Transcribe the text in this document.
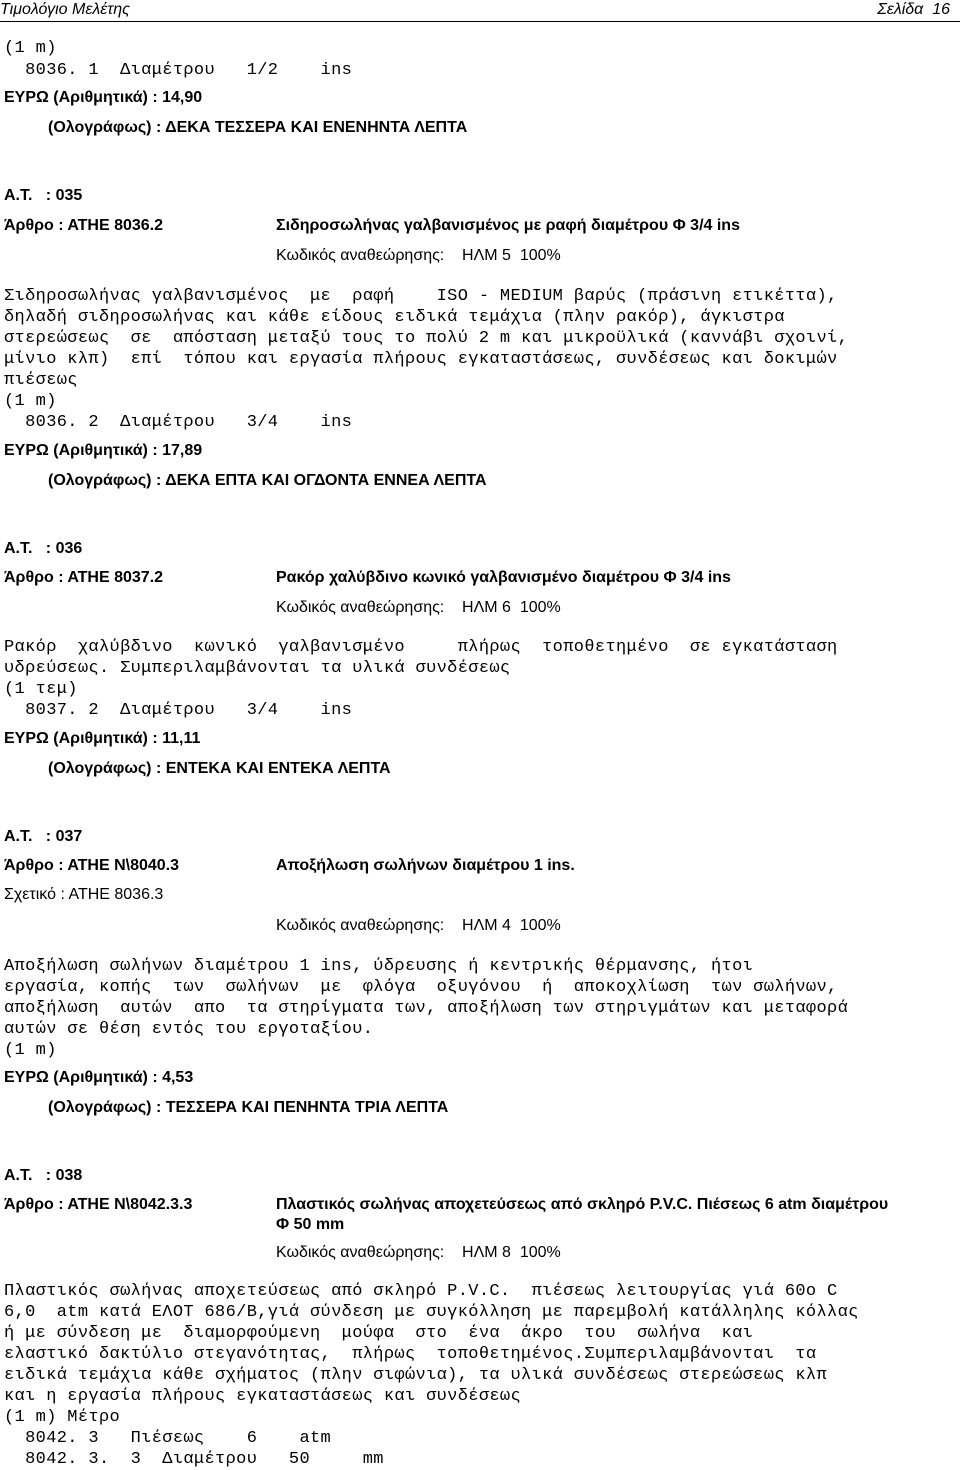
Τιμολόγιο Μελέτης	Σελίδα  16
(1 m)
8036. 1  Διαμέτρου   1/2    ins
ΕΥΡΩ (Αριθμητικά) : 14,90
(Ολογράφως) : ΔΕΚΑ ΤΕΣΣΕΡΑ ΚΑΙ ΕΝΕΝΗΝΤΑ ΛΕΠΤΑ
Α.Τ.   : 035
Άρθρο : ΑΤΗΕ 8036.2	Σιδηροσωλήνας γαλβανισμένος με ραφή διαμέτρου Φ 3/4 ins
Κωδικός αναθεώρησης:    ΗΛΜ 5  100%
Σιδηροσωλήνας γαλβανισμένος  με  ραφή    ISO - MEDIUM βαρύς (πράσινη ετικέττα),
δηλαδή σιδηροσωλήνας και κάθε είδους ειδικά τεμάχια (πλην ρακόρ), άγκιστρα
στερεώσεως  σε  απόσταση μεταξύ τους το πολύ 2 m και μικροϋλικά (καννάβι σχοινί,
μίνιο κλπ)  επί  τόπου και εργασία πλήρους εγκαταστάσεως, συνδέσεως και δοκιμών
πιέσεως
(1 m)
8036. 2  Διαμέτρου   3/4    ins
ΕΥΡΩ (Αριθμητικά) : 17,89
(Ολογράφως) : ΔΕΚΑ ΕΠΤΑ ΚΑΙ ΟΓΔΟΝΤΑ ΕΝΝΕΑ ΛΕΠΤΑ
Α.Τ.   : 036
Άρθρο : ΑΤΗΕ 8037.2	Ρακόρ χαλύβδινο κωνικό γαλβανισμένο διαμέτρου Φ 3/4 ins
Κωδικός αναθεώρησης:    ΗΛΜ 6  100%
Ρακόρ  χαλύβδινο  κωνικό  γαλβανισμένο     πλήρως  τοποθετημένο  σε εγκατάσταση
υδρεύσεως. Συμπεριλαμβάνονται τα υλικά συνδέσεως
(1 τεμ)
8037. 2  Διαμέτρου   3/4    ins
ΕΥΡΩ (Αριθμητικά) : 11,11
(Ολογράφως) : ΕΝΤΕΚΑ ΚΑΙ ΕΝΤΕΚΑ ΛΕΠΤΑ
Α.Τ.   : 037
Άρθρο : ΑΤΗΕ Ν\8040.3	Αποξήλωση σωλήνων διαμέτρου 1 ins.
Σχετικό : ΑΤΗΕ 8036.3
Κωδικός αναθεώρησης:    ΗΛΜ 4  100%
Αποξήλωση σωλήνων διαμέτρου 1 ins, ύδρευσης ή κεντρικής θέρμανσης, ήτοι
εργασία, κοπής  των  σωλήνων  με  φλόγα  οξυγόνου  ή  αποκοχλίωση  των σωλήνων,
αποξήλωση  αυτών  απο  τα στηρίγματα των, αποξήλωση των στηριγμάτων και μεταφορά
αυτών σε θέση εντός του εργοταξίου.
(1 m)
ΕΥΡΩ (Αριθμητικά) : 4,53
(Ολογράφως) : ΤΕΣΣΕΡΑ ΚΑΙ ΠΕΝΗΝΤΑ ΤΡΙΑ ΛΕΠΤΑ
Α.Τ.   : 038
Άρθρο : ΑΤΗΕ Ν\8042.3.3	Πλαστικός σωλήνας αποχετεύσεως από σκληρό P.V.C. Πιέσεως 6 atm διαμέτρου
Φ 50 mm
Κωδικός αναθεώρησης:    ΗΛΜ 8  100%
Πλαστικός σωλήνας αποχετεύσεως από σκληρό P.V.C.  πιέσεως λειτουργίας γιά 60o C
6,0  atm κατά ΕΛΟΤ 686/Β,γιά σύνδεση με συγκόλληση με παρεμβολή κατάλληλης κόλλας
ή με σύνδεση με  διαμορφούμενη  μούφα  στο  ένα  άκρο  του  σωλήνα  και
ελαστικό δακτύλιο στεγανότητας,  πλήρως  τοποθετημένος.Συμπεριλαμβάνονται  τα
ειδικά τεμάχια κάθε σχήματος (πλην σιφώνια), τα υλικά συνδέσεως στερεώσεως κλπ
και η εργασία πλήρους εγκαταστάσεως και συνδέσεως
(1 m) Μέτρο
8042. 3   Πιέσεως    6    atm
8042. 3.  3  Διαμέτρου   50     mm
